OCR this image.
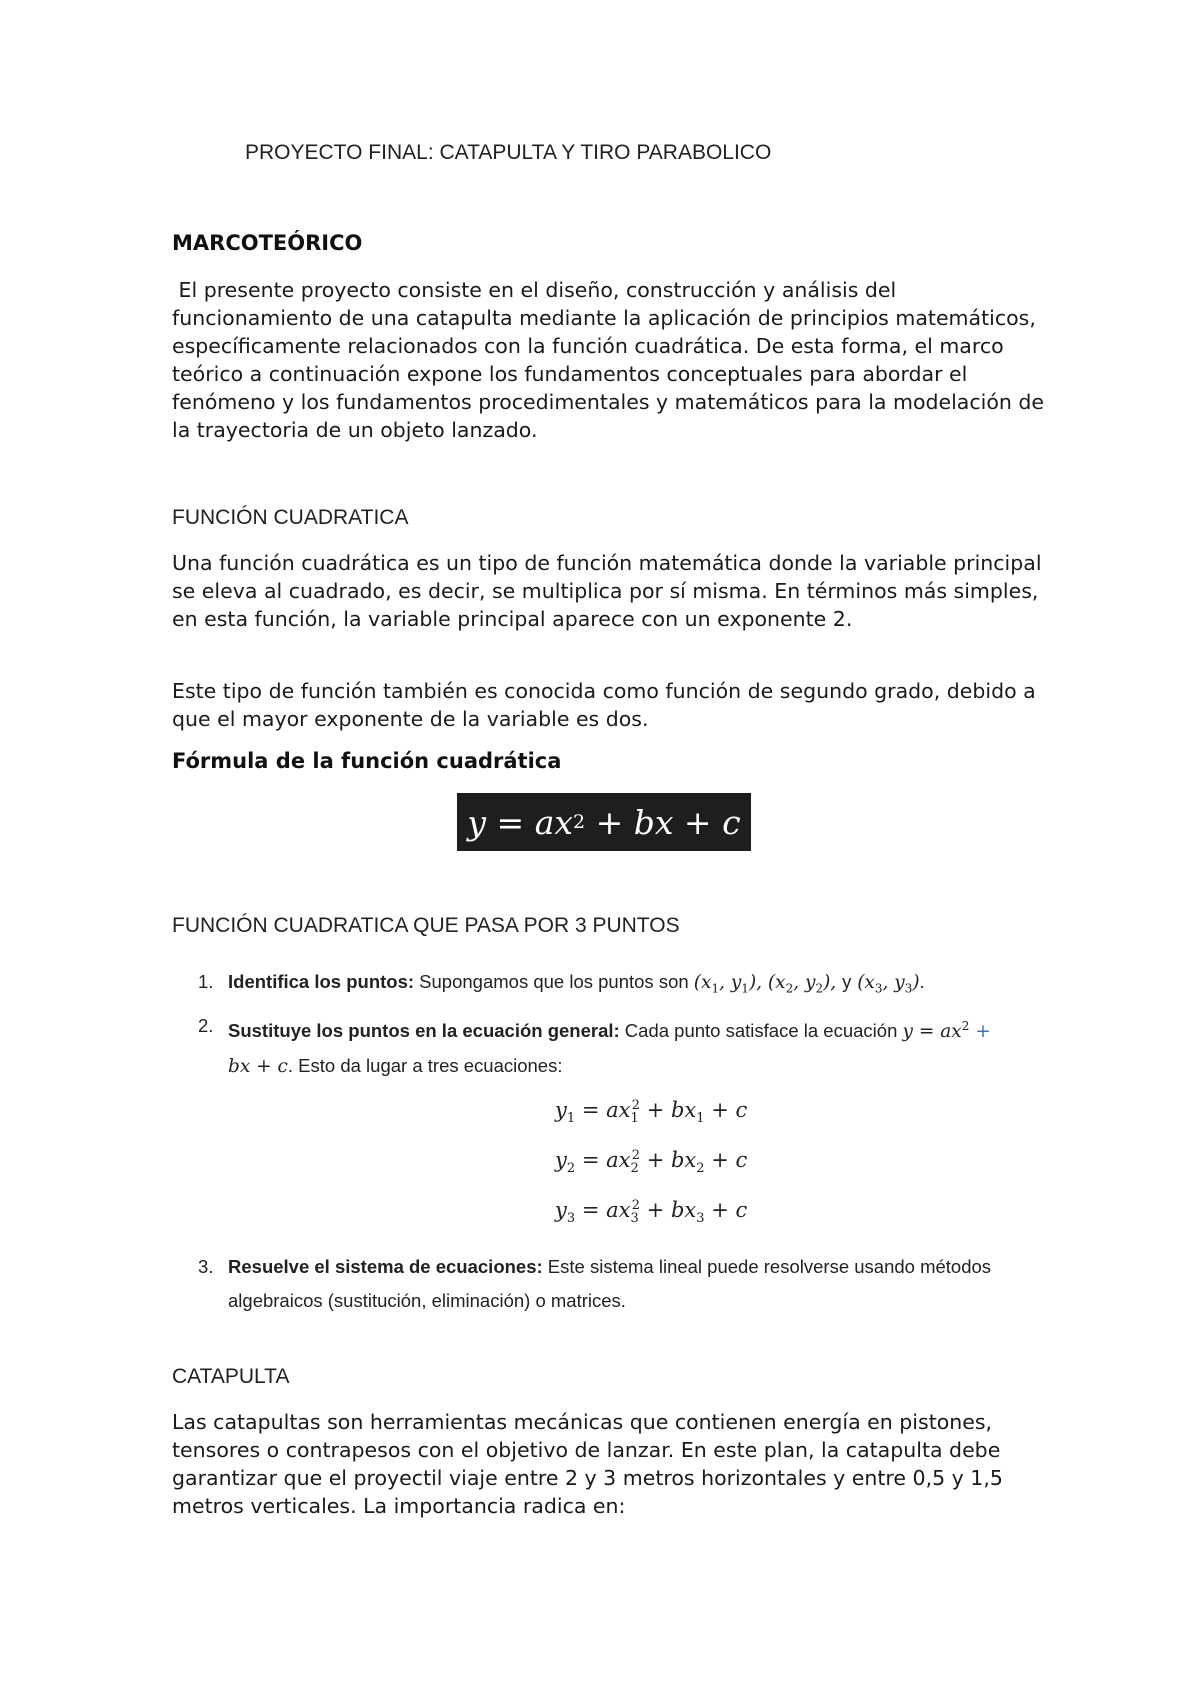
PROYECTO FINAL: CATAPULTA Y TIRO PARABOLICO
MARCOTEÓRICO

El presente proyecto consiste en el diseño, construcción y análisis del funcionamiento de una catapulta mediante la aplicación de principios matemáticos, específicamente relacionados con la función cuadrática. De esta forma, el marco teórico a continuación expone los fundamentos conceptuales para abordar el fenómeno y los fundamentos procedimentales y matemáticos para la modelación de la trayectoria de un objeto lanzado.

FUNCIÓN CUADRATICA

Una función cuadrática es un tipo de función matemática donde la variable principal se eleva al cuadrado, es decir, se multiplica por sí misma. En términos más simples, en esta función, la variable principal aparece con un exponente 2.

Este tipo de función también es conocida como función de segundo grado, debido a que el mayor exponente de la variable es dos.

Fórmula de la función cuadrática
y = ax 2 + bx + c
FUNCIÓN CUADRATICA QUE PASA POR 3 PUNTOS
1. Identifica los puntos: Supongamos que los puntos son ($x_1$, $y_1$), ($x_2$, $y_2$), y ($x_3$, $y_3$).
2. Sustituye los puntos en la ecuación general: Cada punto satisface la ecuación $y = ax^2$ +
bx + c. Esto da lugar a tres ecuaciones:
3. Resuelve el sistema de ecuaciones: Este sistema lineal puede resolverse usando métodos algebraicos (sustitución, eliminación) o matrices.
$y_1 = ax_1^2 + bx_1 + c$
$y_2 = ax_2^2 + bx_2 + c$
$y_3 = ax_3^2 + bx_3 + c$
CATAPULTA

Las catapultas son herramientas mecánicas que contienen energía en pistones, tensores o contrapesos con el objetivo de lanzar. En este plan, la catapulta debe garantizar que el proyectil viaje entre 2 y 3 metros horizontales y entre 0,5 y 1,5 metros verticales. La importancia radica en:
